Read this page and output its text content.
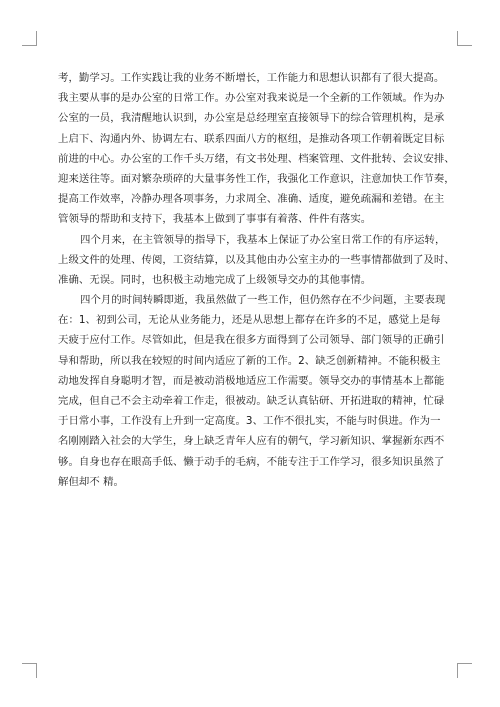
考，勤学习。工作实践让我的业务不断增长，工作能力和思想认识都有了很大提高。
我主要从事的是办公室的日常工作。办公室对我来说是一个全新的工作领域。作为办
公室的一员，我清醒地认识到，办公室是总经理室直接领导下的综合管理机构，是承
上启下、沟通内外、协调左右、联系四面八方的枢纽，是推动各项工作朝着既定目标
前进的中心。办公室的工作千头万绪，有文书处理、档案管理、文件批转、会议安排、
迎来送往等。面对繁杂琐碎的大量事务性工作，我强化工作意识，注意加快工作节奏，
提高工作效率，冷静办理各项事务，力求周全、准确、适度，避免疏漏和差错。在主
管领导的帮助和支持下，我基本上做到了事事有着落、件件有落实。
四个月来，在主管领导的指导下，我基本上保证了办公室日常工作的有序运转，
上级文件的处理、传阅，工资结算，以及其他由办公室主办的一些事情都做到了及时、
准确、无误。同时，也积极主动地完成了上级领导交办的其他事情。
四个月的时间转瞬即逝，我虽然做了一些工作，但仍然存在不少问题，主要表现
在：1、初到公司，无论从业务能力，还是从思想上都存在许多的不足，感觉上是每
天疲于应付工作。尽管如此，但是我在很多方面得到了公司领导、部门领导的正确引
导和帮助，所以我在较短的时间内适应了新的工作。2、缺乏创新精神。不能积极主
动地发挥自身聪明才智，而是被动消极地适应工作需要。领导交办的事情基本上都能
完成，但自己不会主动牵着工作走，很被动。缺乏认真钻研、开拓进取的精神，忙碌
于日常小事，工作没有上升到一定高度。3、工作不很扎实，不能与时俱进。作为一
名刚刚踏入社会的大学生，身上缺乏青年人应有的朝气，学习新知识、掌握新东西不
够。自身也存在眼高手低、懒于动手的毛病，不能专注于工作学习，很多知识虽然了
解但却不 精。
